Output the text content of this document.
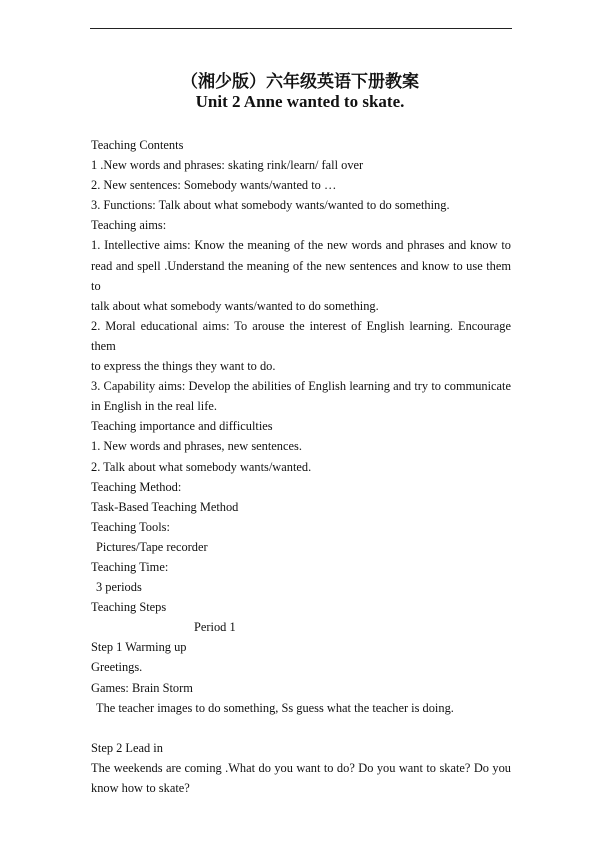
（湘少版）六年级英语下册教案
Unit 2 Anne wanted to skate.
Teaching Contents
1 .New words and phrases: skating rink/learn/ fall over
2. New sentences: Somebody wants/wanted to …
3. Functions: Talk about what somebody wants/wanted to do something.
Teaching aims:
1. Intellective aims: Know the meaning of the new words and phrases and know to
read and spell .Understand the meaning of the new sentences and know to use them to
talk about what somebody wants/wanted to do something.
2. Moral educational aims: To arouse the interest of English learning. Encourage them
to express the things they want to do.
3. Capability aims: Develop the abilities of English learning and try to communicate
in English in the real life.
Teaching importance and difficulties
1. New words and phrases, new sentences.
2. Talk about what somebody wants/wanted.
Teaching Method:
Task-Based Teaching Method
Teaching Tools:
Pictures/Tape recorder
Teaching Time:
3 periods
Teaching Steps
Period 1
Step 1 Warming up
Greetings.
Games: Brain Storm
The teacher images to do something, Ss guess what the teacher is doing.
Step 2 Lead in
The weekends are coming .What do you want to do? Do you want to skate? Do you
know how to skate?
